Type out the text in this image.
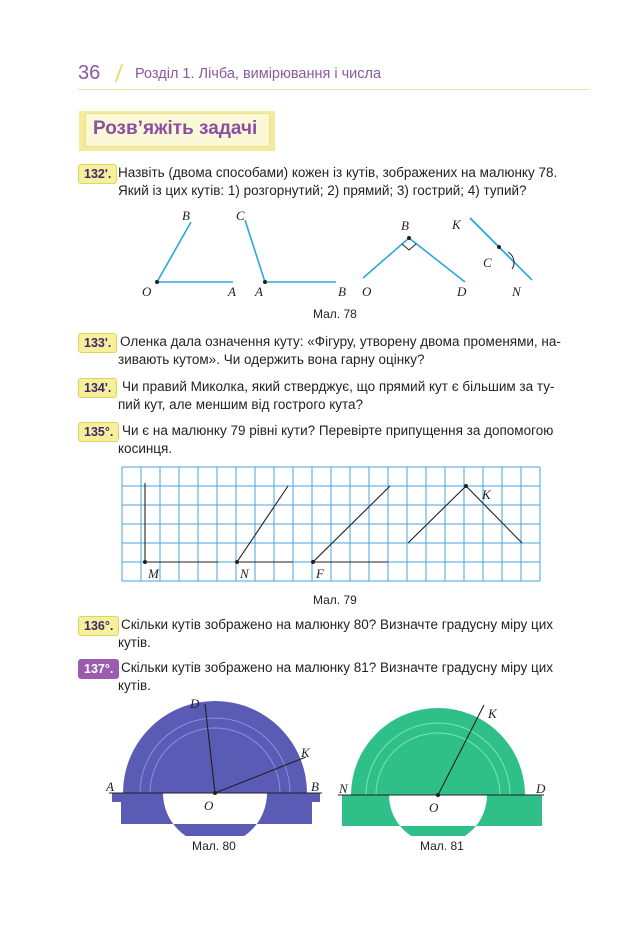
36 Розділ 1. Лічба, вимірювання і числа
Розв’яжіть задачі
132'. Назвіть (двома способами) кожен із кутів, зображених на малюнку 78.
Який із цих кутів: 1) розгорнутий; 2) прямий; 3) гострий; 4) тупий?
B	C
B	K
C
O	A A	B O	D	N
Мал. 78
133'. Оленка дала означення куту: «Фігуру, утворену двома променями, на-
зивають кутом». Чи одержить вона гарну оцінку?
134'. Чи правий Миколка, який стверджує, що прямий кут є більшим за ту-
пий кут, але меншим від гострого кута?
135°. Чи є на малюнку 79 рівні кути? Перевірте припущення за допомогою
косинця.
M	N	F
K
Мал. 79
136°. Скільки кутів зображено на малюнку 80? Визначте градусну міру цих
кутів.
137°. Скільки кутів зображено на малюнку 81? Визначте градусну міру цих
кутів.
D
K
A
O
B
Мал. 80
K
N
O
D
Мал. 81
